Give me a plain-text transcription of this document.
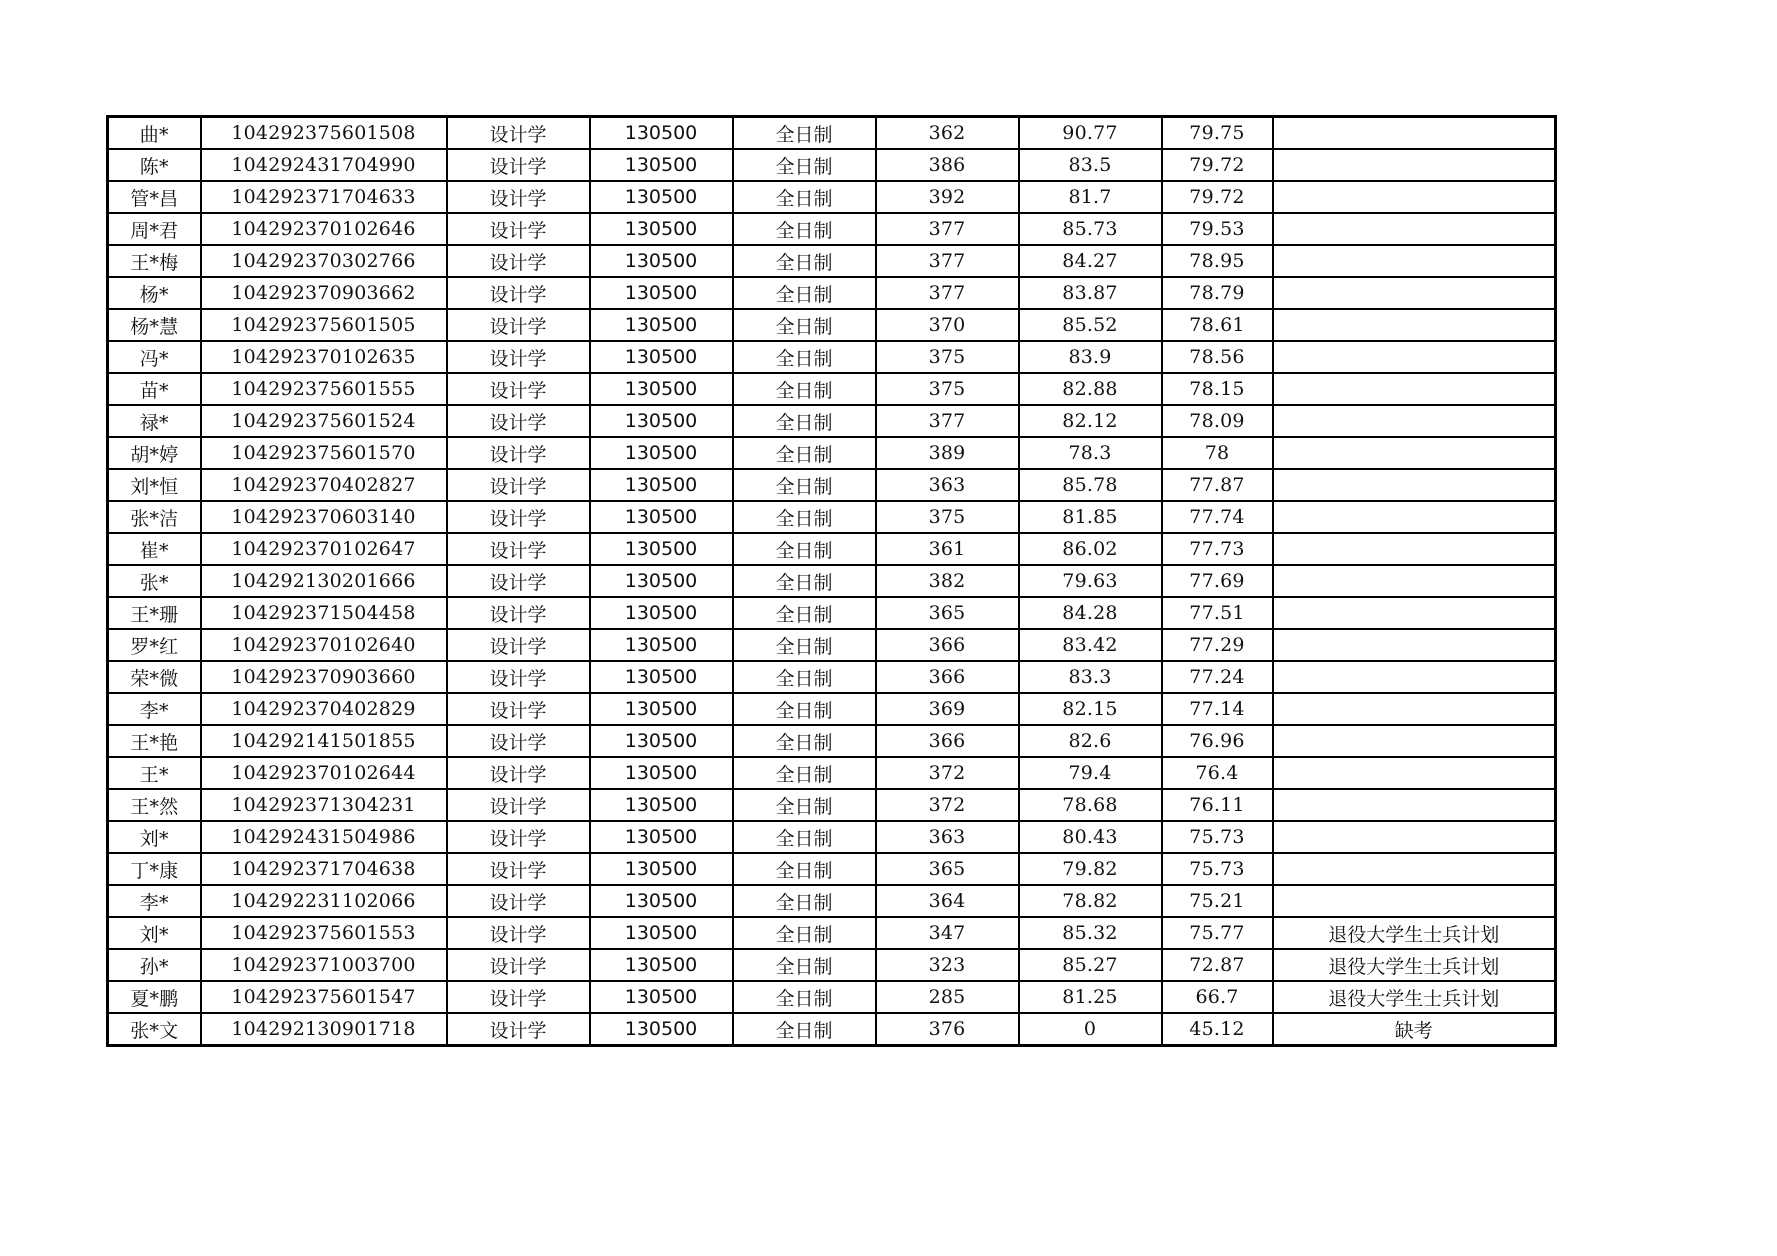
曲*	104292375601508	设计学	130500	全日制	362	90.77	79.75	
陈*	104292431704990	设计学	130500	全日制	386	83.5	79.72	
管*昌	104292371704633	设计学	130500	全日制	392	81.7	79.72	
周*君	104292370102646	设计学	130500	全日制	377	85.73	79.53	
王*梅	104292370302766	设计学	130500	全日制	377	84.27	78.95	
杨*	104292370903662	设计学	130500	全日制	377	83.87	78.79	
杨*慧	104292375601505	设计学	130500	全日制	370	85.52	78.61	
冯*	104292370102635	设计学	130500	全日制	375	83.9	78.56	
苗*	104292375601555	设计学	130500	全日制	375	82.88	78.15	
禄*	104292375601524	设计学	130500	全日制	377	82.12	78.09	
胡*婷	104292375601570	设计学	130500	全日制	389	78.3	78	
刘*恒	104292370402827	设计学	130500	全日制	363	85.78	77.87	
张*洁	104292370603140	设计学	130500	全日制	375	81.85	77.74	
崔*	104292370102647	设计学	130500	全日制	361	86.02	77.73	
张*	104292130201666	设计学	130500	全日制	382	79.63	77.69	
王*珊	104292371504458	设计学	130500	全日制	365	84.28	77.51	
罗*红	104292370102640	设计学	130500	全日制	366	83.42	77.29	
荣*微	104292370903660	设计学	130500	全日制	366	83.3	77.24	
李*	104292370402829	设计学	130500	全日制	369	82.15	77.14	
王*艳	104292141501855	设计学	130500	全日制	366	82.6	76.96	
王*	104292370102644	设计学	130500	全日制	372	79.4	76.4	
王*然	104292371304231	设计学	130500	全日制	372	78.68	76.11	
刘*	104292431504986	设计学	130500	全日制	363	80.43	75.73	
丁*康	104292371704638	设计学	130500	全日制	365	79.82	75.73	
李*	104292231102066	设计学	130500	全日制	364	78.82	75.21	
刘*	104292375601553	设计学	130500	全日制	347	85.32	75.77	退役大学生士兵计划
孙*	104292371003700	设计学	130500	全日制	323	85.27	72.87	退役大学生士兵计划
夏*鹏	104292375601547	设计学	130500	全日制	285	81.25	66.7	退役大学生士兵计划
张*文	104292130901718	设计学	130500	全日制	376	0	45.12	缺考
